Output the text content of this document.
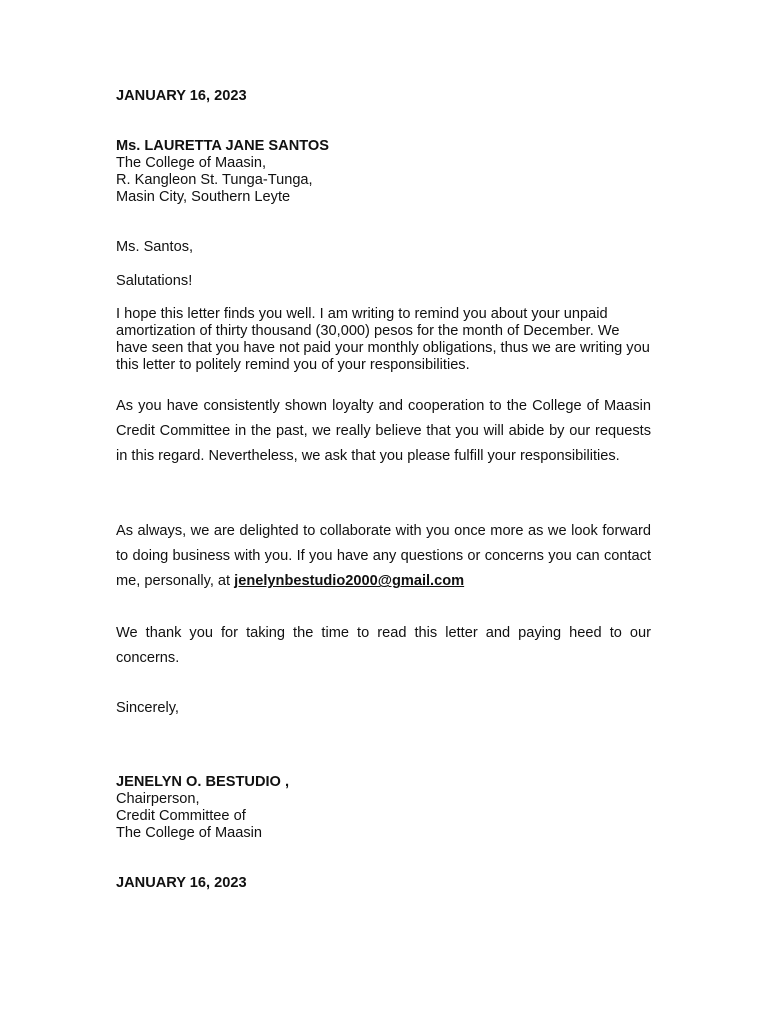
JANUARY 16, 2023

Ms. LAURETTA JANE SANTOS
The College of Maasin,
R. Kangleon St. Tunga-Tunga,
Masin City, Southern Leyte

Ms. Santos,

Salutations!

I hope this letter finds you well. I am writing to remind you about your unpaid amortization of thirty thousand (30,000) pesos for the month of December. We have seen that you have not paid your monthly obligations, thus we are writing you this letter to politely remind you of your responsibilities.

As you have consistently shown loyalty and cooperation to the College of Maasin Credit Committee in the past, we really believe that you will abide by our requests in this regard. Nevertheless, we ask that you please fulfill your responsibilities.

As always, we are delighted to collaborate with you once more as we look forward to doing business with you. If you have any questions or concerns you can contact me, personally, at jenelynbestudio2000@gmail.com

We thank you for taking the time to read this letter and paying heed to our concerns.

Sincerely,

JENELYN O. BESTUDIO ,
Chairperson,
Credit Committee of
The College of Maasin

JANUARY 16, 2023
